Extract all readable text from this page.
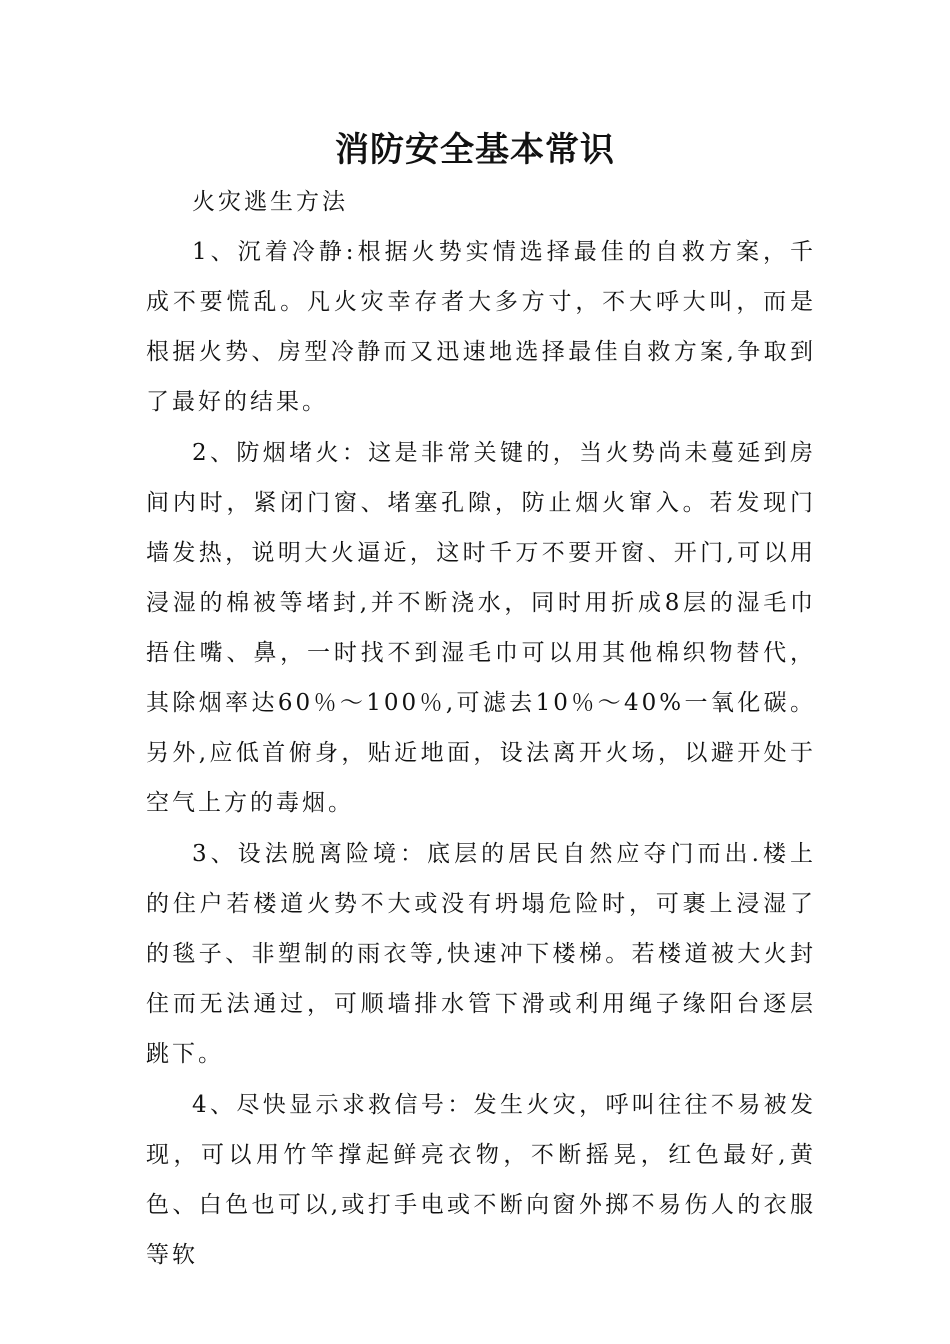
消防安全基本常识

火灾逃生方法

1、沉着冷静:根据火势实情选择最佳的自救方案，千成不要慌乱。凡火灾幸存者大多方寸，不大呼大叫，而是根据火势、房型冷静而又迅速地选择最佳自救方案,争取到了最好的结果。

2、防烟堵火：这是非常关键的，当火势尚未蔓延到房间内时，紧闭门窗、堵塞孔隙，防止烟火窜入。若发现门墙发热，说明大火逼近，这时千万不要开窗、开门,可以用浸湿的棉被等堵封,并不断浇水，同时用折成8层的湿毛巾捂住嘴、鼻，一时找不到湿毛巾可以用其他棉织物替代，其除烟率达60％～100％,可滤去10％～40%一氧化碳。另外,应低首俯身，贴近地面，设法离开火场，以避开处于空气上方的毒烟。

3、设法脱离险境：底层的居民自然应夺门而出.楼上的住户若楼道火势不大或没有坍塌危险时，可裹上浸湿了的毯子、非塑制的雨衣等,快速冲下楼梯。若楼道被大火封住而无法通过，可顺墙排水管下滑或利用绳子缘阳台逐层跳下。

4、尽快显示求救信号：发生火灾，呼叫往往不易被发现，可以用竹竿撑起鲜亮衣物，不断摇晃，红色最好,黄色、白色也可以,或打手电或不断向窗外掷不易伤人的衣服等软
